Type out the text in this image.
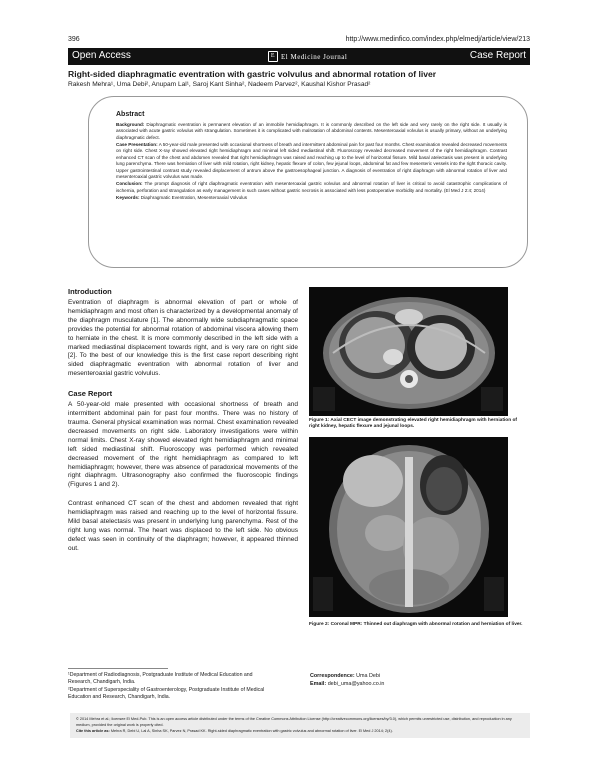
396	http://www.medinfico.com/index.php/elmedj/article/view/213
Open Access	E El Medicine Journal	Case Report
Right-sided diaphragmatic eventration with gastric volvulus and abnormal rotation of liver
Rakesh Mehra¹, Uma Debi², Anupam Lal¹, Saroj Kant Sinha², Nadeem Parvez², Kaushal Kishor Prasad²
Abstract

Background: Diaphragmatic eventration is permanent elevation of an immobile hemidiaphragm. It is commonly described on the left side and very rarely on the right side. It usually is associated with acute gastric volvulus with strangulation. Sometimes it is complicated with malrotation of abdominal contents. Mesenteroaxial volvulus is usually primary, without an underlying diaphragmatic defect.

Case Presentation: A 50-year-old male presented with occasional shortness of breath and intermittent abdominal pain for past four months. Chest examination revealed decreased movements on right side. Chest X-ray showed elevated right hemidiaphragm and minimal left sided mediastinal shift. Fluoroscopy revealed decreased movement of the right hemidiaphragm. Contrast enhanced CT scan of the chest and abdomen revealed that right hemidiaphragm was raised and reaching up to the level of horizontal fissure. Mild basal atelectasis was present in underlying lung parenchyma. There was herniation of liver with mild rotation, right kidney, hepatic flexure of colon, few jejunal loops, abdominal fat and few mesenteric vessels into the right thoracic cavity. Upper gastrointestinal contrast study revealed displacement of antrum above the gastroesophageal junction. A diagnosis of eventration of right diaphragm with abnormal rotation of liver and mesenteroaxial gastric volvulus was made.

Conclusion: The prompt diagnosis of right diaphragmatic eventration with mesenteroaxial gastric volvulus and abnormal rotation of liver is critical to avoid catastrophic complications of ischemia, perforation and strangulation as early management in such cases without gastric necrosis is associated with less postoperative morbidity and mortality. (El Med J 2:4; 2014)

Keywords: Diaphragmatic Eventration, Mesenteroaxial Volvulus

Introduction

Eventration of diaphragm is abnormal elevation of part or whole of hemidiaphragm and most often is characterized by a developmental anomaly of the diaphragm musculature [1]. The abnormally wide subdiaphragmatic space provides the potential for abnormal rotation of abdominal viscera allowing them to herniate in the chest. It is more commonly described in the left side with a marked mediastinal displacement towards right, and is very rare on right side [2]. To the best of our knowledge this is the first case report describing right sided diaphragmatic eventration with abnormal rotation of liver and mesenteroaxial gastric volvulus.

Case Report

A 50-year-old male presented with occasional shortness of breath and intermittent abdominal pain for past four months. There was no history of trauma. General physical examination was normal. Chest examination revealed decreased movements on right side. Laboratory investigations were within normal limits. Chest X-ray showed elevated right hemidiaphragm and minimal left sided mediastinal shift. Fluoroscopy was performed which revealed decreased movement of the right hemidiaphragm as compared to left hemidiaphragm; however, there was absence of paradoxical movements of the right diaphragm. Ultrasonography also confirmed the fluoroscopic findings (Figures 1 and 2).

Contrast enhanced CT scan of the chest and abdomen revealed that right hemidiaphragm was raised and reaching up to the level of horizontal fissure. Mild basal atelectasis was present in underlying lung parenchyma. Rest of the right lung was normal. The heart was displaced to the left side. No obvious defect was seen in continuity of the diaphragm; however, it appeared thinned out.

Figure 1: Axial CECT image demonstrating elevated right hemidiaphragm with herniation of right kidney, hepatic flexure and jejunal loops.
Figure 2: Coronal MPR: Thinned out diaphragm with abnormal rotation and herniation of liver.

¹Department of Radiodiagnosis, Postgraduate Institute of Medical Education and Research, Chandigarh, India.

²Department of Superspeciality of Gastroenterology, Postgraduate Institute of Medical Education and Research, Chandigarh, India.

Correspondence: Uma Debi

Email: debi_uma@yahoo.co.in

© 2014 Mehra et al.; licensee El Med-Pub. This is an open access article distributed under the terms of the Creative Commons Attribution License (http://creativecommons.org/licenses/by/3.0), which permits unrestricted use, distribution, and reproduction in any medium, provided the original work is properly cited.

Cite this article as: Mehra R, Debi U, Lal A, Sinha SK, Parvez N, Prasad KK. Right-sided diaphragmatic eventration with gastric volvulus and abnormal rotation of liver. El Med J 2014; 2(4).
